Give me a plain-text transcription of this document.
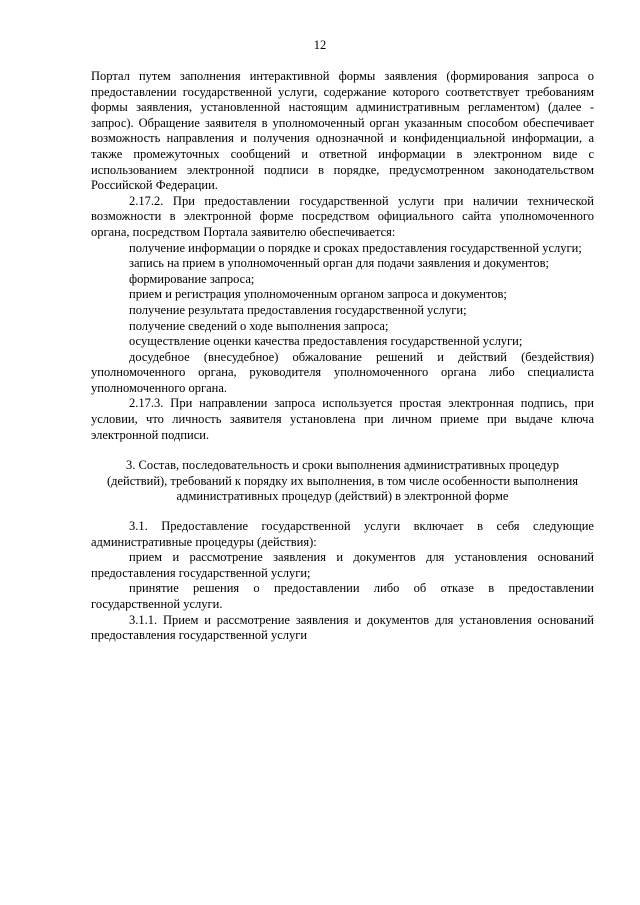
12

Портал путем заполнения интерактивной формы заявления (формирования запроса о предоставлении государственной услуги, содержание которого соответствует требованиям формы заявления, установленной настоящим административным регламентом) (далее - запрос). Обращение заявителя в уполномоченный орган указанным способом обеспечивает возможность направления и получения однозначной и конфиденциальной информации, а также промежуточных сообщений и ответной информации в электронном виде с использованием электронной подписи в порядке, предусмотренном законодательством Российской Федерации.

2.17.2. При предоставлении государственной услуги при наличии технической возможности в электронной форме посредством официального сайта уполномоченного органа, посредством Портала заявителю обеспечивается:

получение информации о порядке и сроках предоставления государственной услуги;

запись на прием в уполномоченный орган для подачи заявления и документов;

формирование запроса;

прием и регистрация уполномоченным органом запроса и документов;

получение результата предоставления государственной услуги;

получение сведений о ходе выполнения запроса;

осуществление оценки качества предоставления государственной услуги;

досудебное (внесудебное) обжалование решений и действий (бездействия) уполномоченного органа, руководителя уполномоченного органа либо специалиста уполномоченного органа.

2.17.3. При направлении запроса используется простая электронная подпись, при условии, что личность заявителя установлена при личном приеме при выдаче ключа электронной подписи.

3. Состав, последовательность и сроки выполнения административных процедур (действий), требований к порядку их выполнения, в том числе особенности выполнения административных процедур (действий) в электронной форме

3.1. Предоставление государственной услуги включает в себя следующие административные процедуры (действия):

прием и рассмотрение заявления и документов для установления оснований предоставления государственной услуги;

принятие решения о предоставлении либо об отказе в предоставлении государственной услуги.

3.1.1. Прием и рассмотрение заявления и документов для установления оснований предоставления государственной услуги
